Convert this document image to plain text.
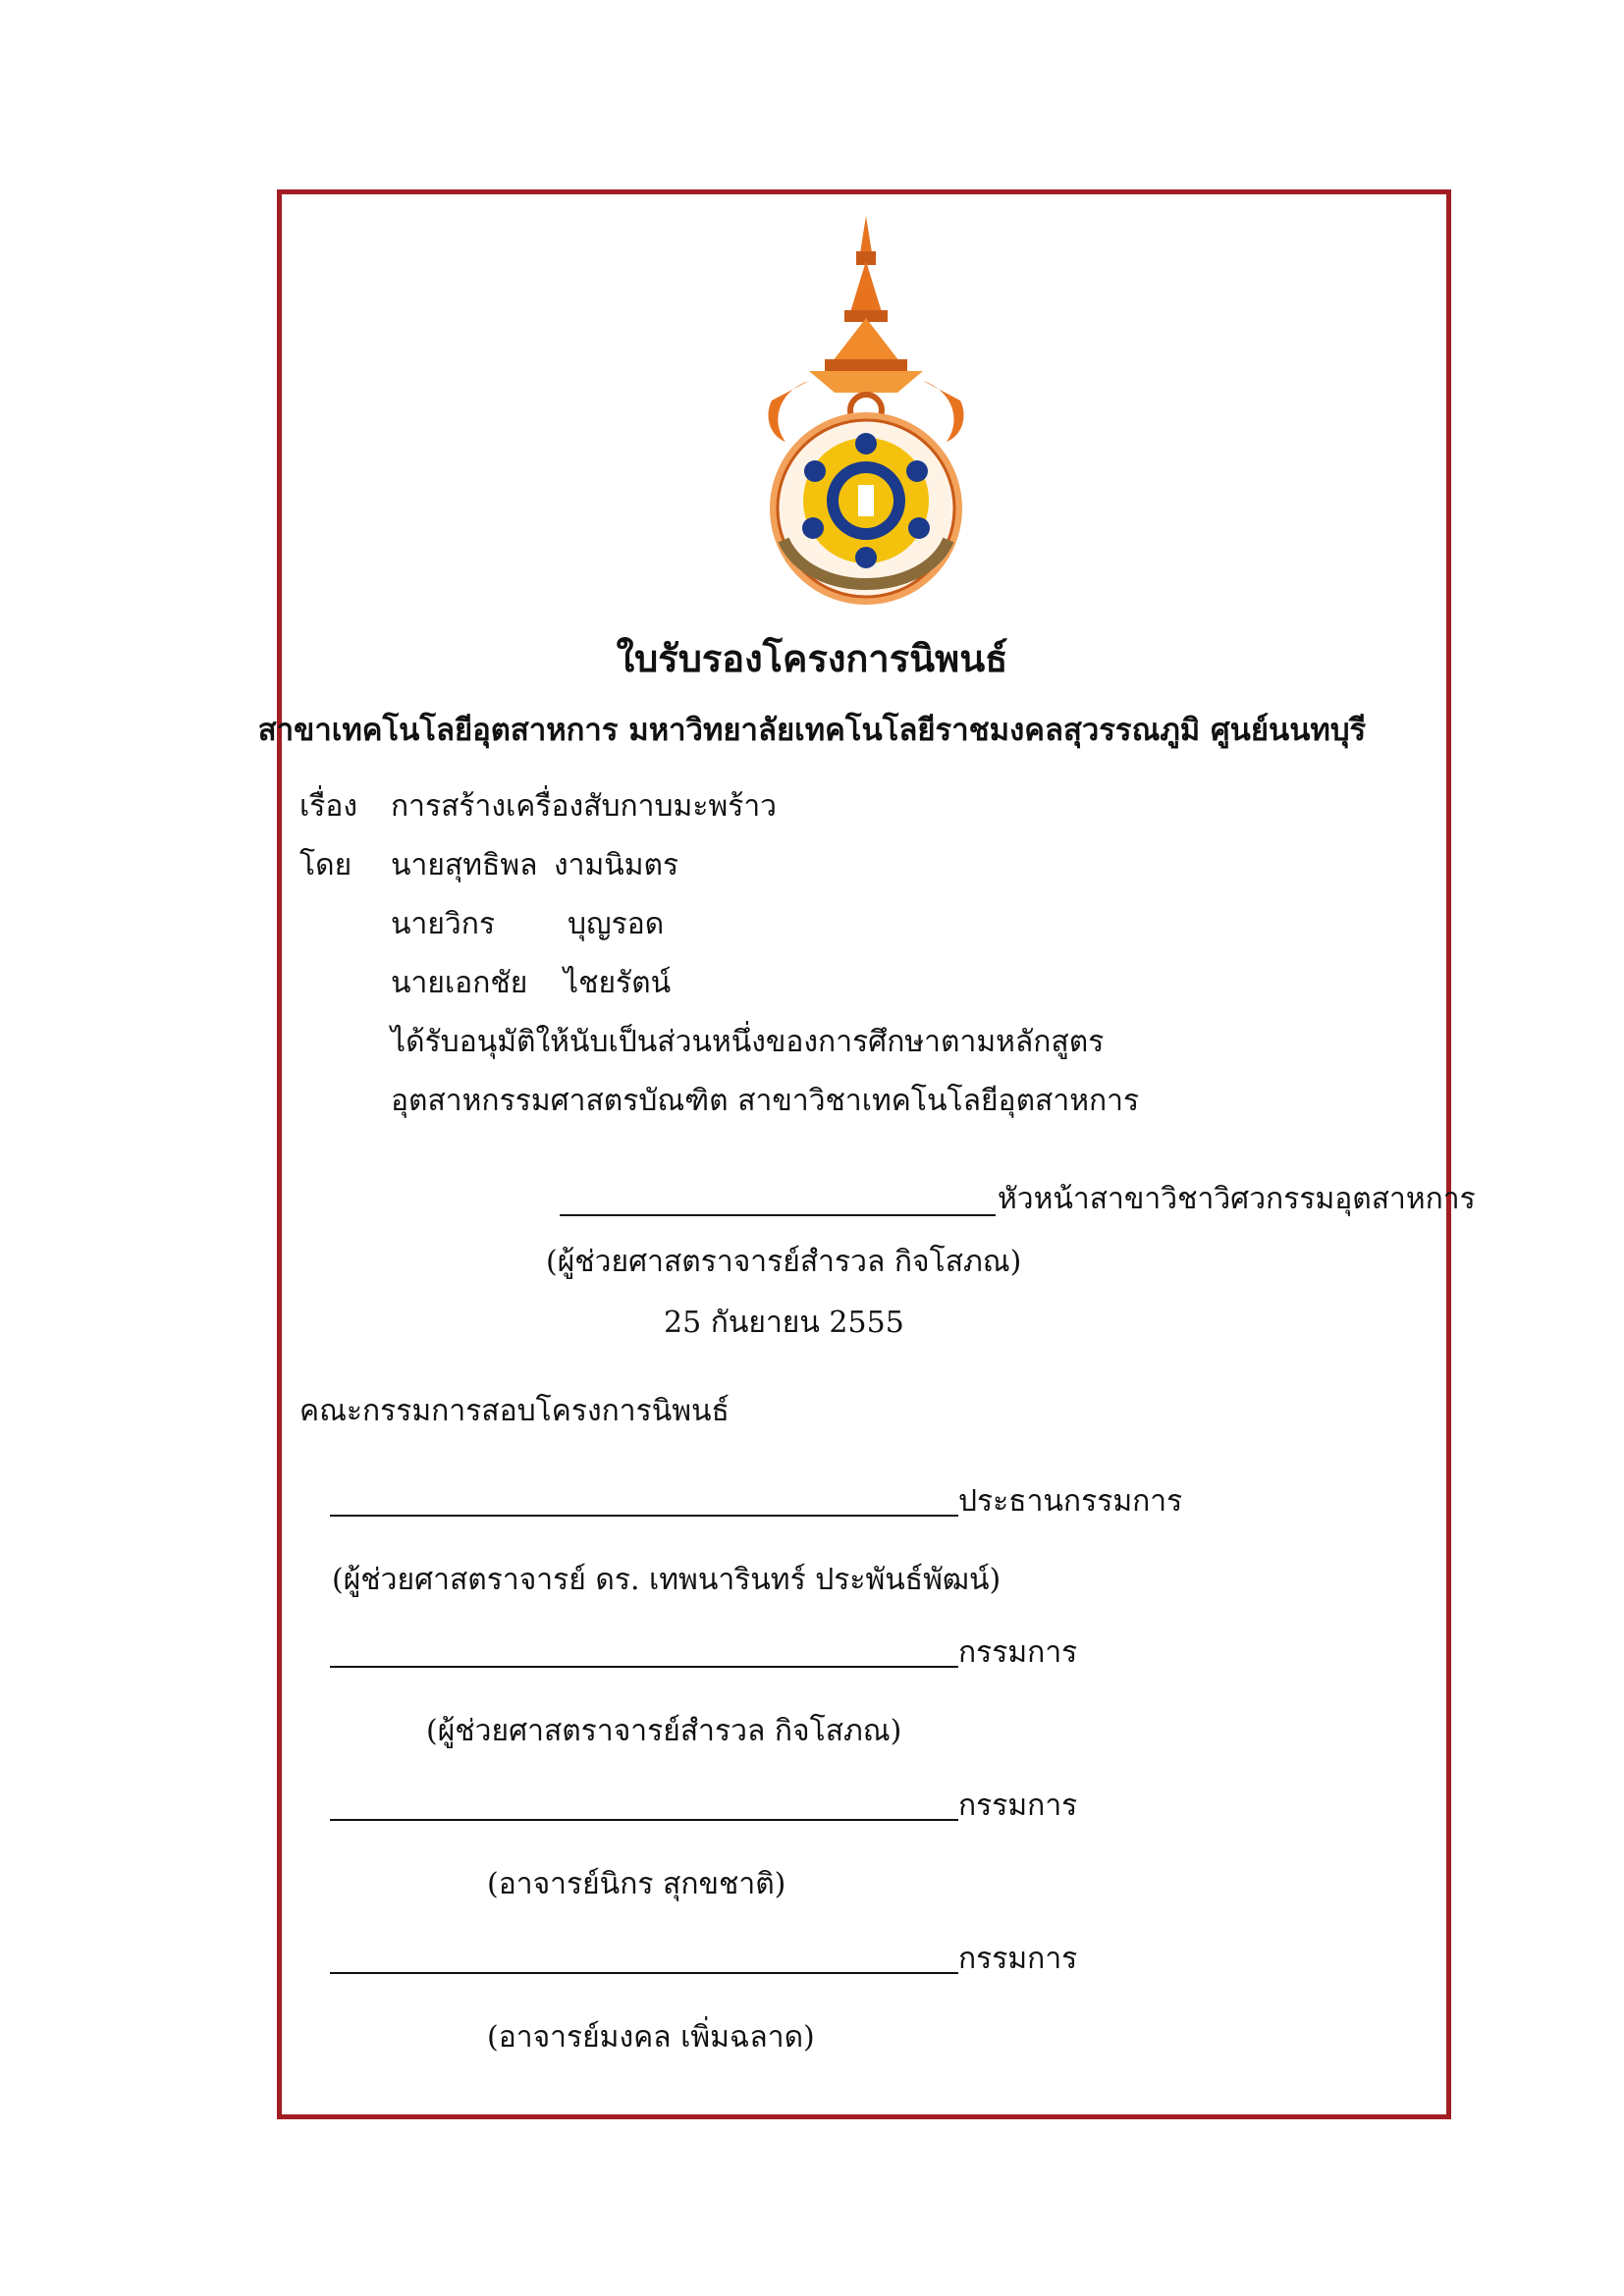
ใบรับรองโครงการนิพนธ์
สาขาเทคโนโลยีอุตสาหการ มหาวิทยาลัยเทคโนโลยีราชมงคลสุวรรณภูมิ ศูนย์นนทบุรี
เรื่อง การสร้างเครื่องสับกาบมะพร้าว
โดย นายสุทธิพล งามนิมตร
นายวิกร บุญรอด
นายเอกชัย ไชยรัตน์
ได้รับอนุมัติให้นับเป็นส่วนหนึ่งของการศึกษาตามหลักสูตร
อุตสาหกรรมศาสตรบัณฑิต สาขาวิชาเทคโนโลยีอุตสาหการ
หัวหน้าสาขาวิชาวิศวกรรมอุตสาหการ
(ผู้ช่วยศาสตราจารย์สำรวล กิจโสภณ)
25 กันยายน 2555
คณะกรรมการสอบโครงการนิพนธ์
ประธานกรรมการ
(ผู้ช่วยศาสตราจารย์ ดร. เทพนารินทร์ ประพันธ์พัฒน์)
กรรมการ
(ผู้ช่วยศาสตราจารย์สำรวล กิจโสภณ)
กรรมการ
(อาจารย์นิกร สุกขชาติ)
กรรมการ
(อาจารย์มงคล เพิ่มฉลาด)
